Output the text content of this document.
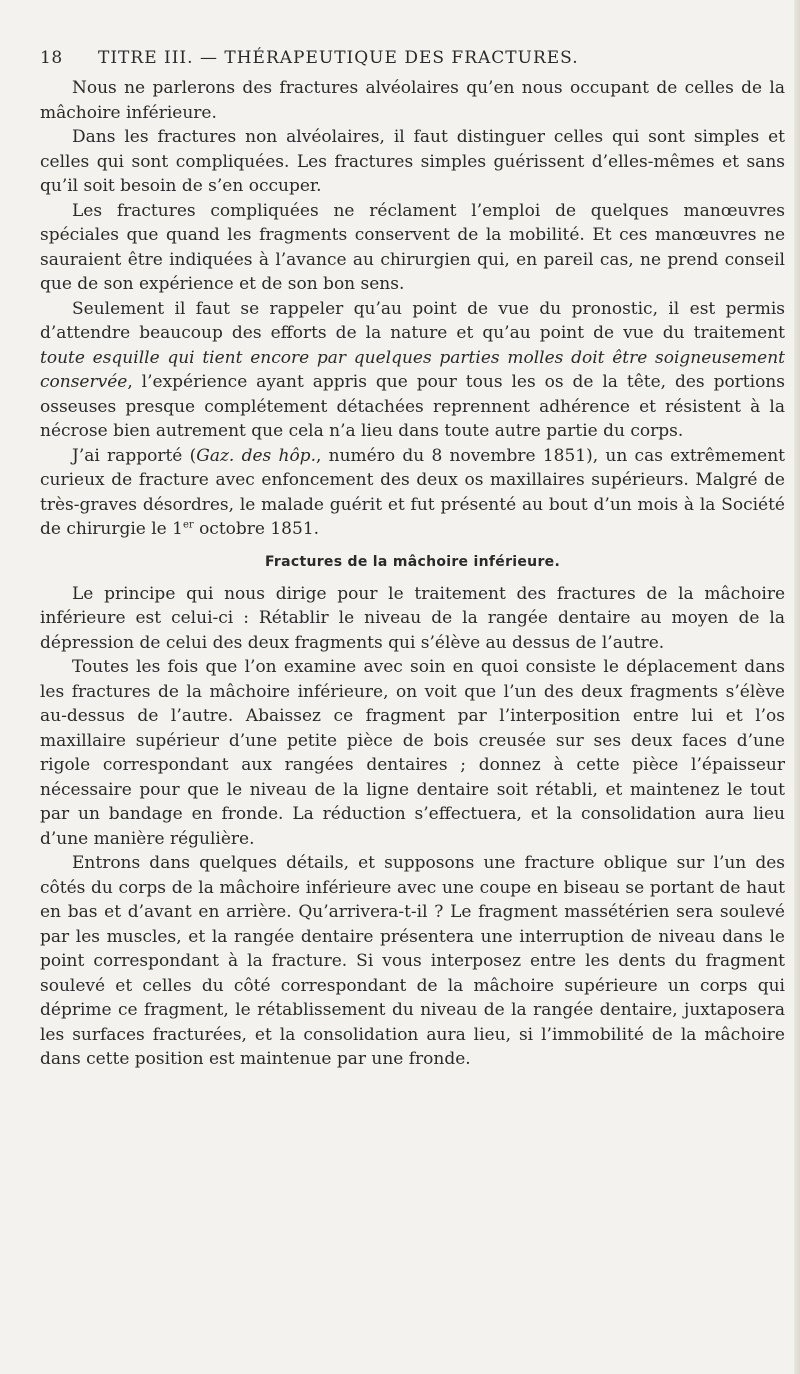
18 TITRE III. — THÉRAPEUTIQUE DES FRACTURES.

Nous ne parlerons des fractures alvéolaires qu’en nous occupant de celles de la mâchoire inférieure.

Dans les fractures non alvéolaires, il faut distinguer celles qui sont simples et celles qui sont compliquées. Les fractures simples guérissent d’elles-mêmes et sans qu’il soit besoin de s’en occuper.

Les fractures compliquées ne réclament l’emploi de quelques manœuvres spéciales que quand les fragments conservent de la mobilité. Et ces manœuvres ne sauraient être indiquées à l’avance au chirurgien qui, en pareil cas, ne prend conseil que de son expérience et de son bon sens.

Seulement il faut se rappeler qu’au point de vue du pronostic, il est permis d’attendre beaucoup des efforts de la nature et qu’au point de vue du traitement toute esquille qui tient encore par quelques parties molles doit être soigneusement conservée, l’expérience ayant appris que pour tous les os de la tête, des portions osseuses presque complétement détachées reprennent adhérence et résistent à la nécrose bien autrement que cela n’a lieu dans toute autre partie du corps.

J’ai rapporté (Gaz. des hôp., numéro du 8 novembre 1851), un cas extrêmement curieux de fracture avec enfoncement des deux os maxillaires supérieurs. Malgré de très-graves désordres, le malade guérit et fut présenté au bout d’un mois à la Société de chirurgie le 1er octobre 1851.

Fractures de la mâchoire inférieure.

Le principe qui nous dirige pour le traitement des fractures de la mâchoire inférieure est celui-ci : Rétablir le niveau de la rangée dentaire au moyen de la dépression de celui des deux fragments qui s’élève au dessus de l’autre.

Toutes les fois que l’on examine avec soin en quoi consiste le déplacement dans les fractures de la mâchoire inférieure, on voit que l’un des deux fragments s’élève au-dessus de l’autre. Abaissez ce fragment par l’interposition entre lui et l’os maxillaire supérieur d’une petite pièce de bois creusée sur ses deux faces d’une rigole correspondant aux rangées dentaires ; donnez à cette pièce l’épaisseur nécessaire pour que le niveau de la ligne dentaire soit rétabli, et maintenez le tout par un bandage en fronde. La réduction s’effectuera, et la consolidation aura lieu d’une manière régulière.

Entrons dans quelques détails, et supposons une fracture oblique sur l’un des côtés du corps de la mâchoire inférieure avec une coupe en biseau se portant de haut en bas et d’avant en arrière. Qu’arrivera-t-il ? Le fragment massétérien sera soulevé par les muscles, et la rangée dentaire présentera une interruption de niveau dans le point correspondant à la fracture. Si vous interposez entre les dents du fragment soulevé et celles du côté correspondant de la mâchoire supérieure un corps qui déprime ce fragment, le rétablissement du niveau de la rangée dentaire, juxtaposera les surfaces fracturées, et la consolidation aura lieu, si l’immobilité de la mâchoire dans cette position est maintenue par une fronde.
